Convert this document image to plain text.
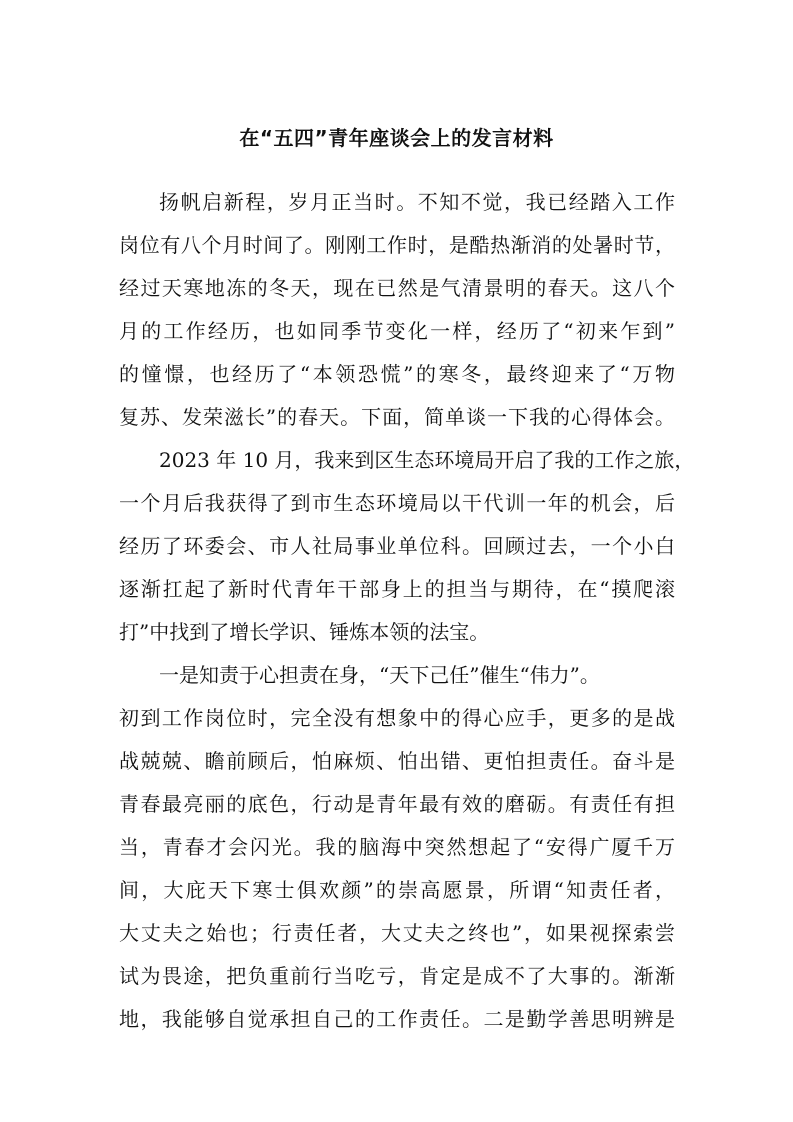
在“五四”青年座谈会上的发言材料
扬帆启新程，岁月正当时。不知不觉，我已经踏入工作
岗位有八个月时间了。刚刚工作时，是酷热渐消的处暑时节，
经过天寒地冻的冬天，现在已然是气清景明的春天。这八个
月的工作经历，也如同季节变化一样，经历了“初来乍到”
的憧憬，也经历了“本领恐慌”的寒冬，最终迎来了“万物
复苏、发荣滋长”的春天。下面，简单谈一下我的心得体会。
2023 年 10 月，我来到区生态环境局开启了我的工作之旅，
一个月后我获得了到市生态环境局以干代训一年的机会，后
经历了环委会、市人社局事业单位科。回顾过去，一个小白
逐渐扛起了新时代青年干部身上的担当与期待，在“摸爬滚
打”中找到了增长学识、锤炼本领的法宝。
一是知责于心担责在身，“天下己任”催生“伟力”。
初到工作岗位时，完全没有想象中的得心应手，更多的是战
战兢兢、瞻前顾后，怕麻烦、怕出错、更怕担责任。奋斗是
青春最亮丽的底色，行动是青年最有效的磨砺。有责任有担
当，青春才会闪光。我的脑海中突然想起了“安得广厦千万
间，大庇天下寒士俱欢颜”的崇高愿景，所谓“知责任者，
大丈夫之始也；行责任者，大丈夫之终也”，如果视探索尝
试为畏途，把负重前行当吃亏，肯定是成不了大事的。渐渐
地，我能够自觉承担自己的工作责任。二是勤学善思明辨是
